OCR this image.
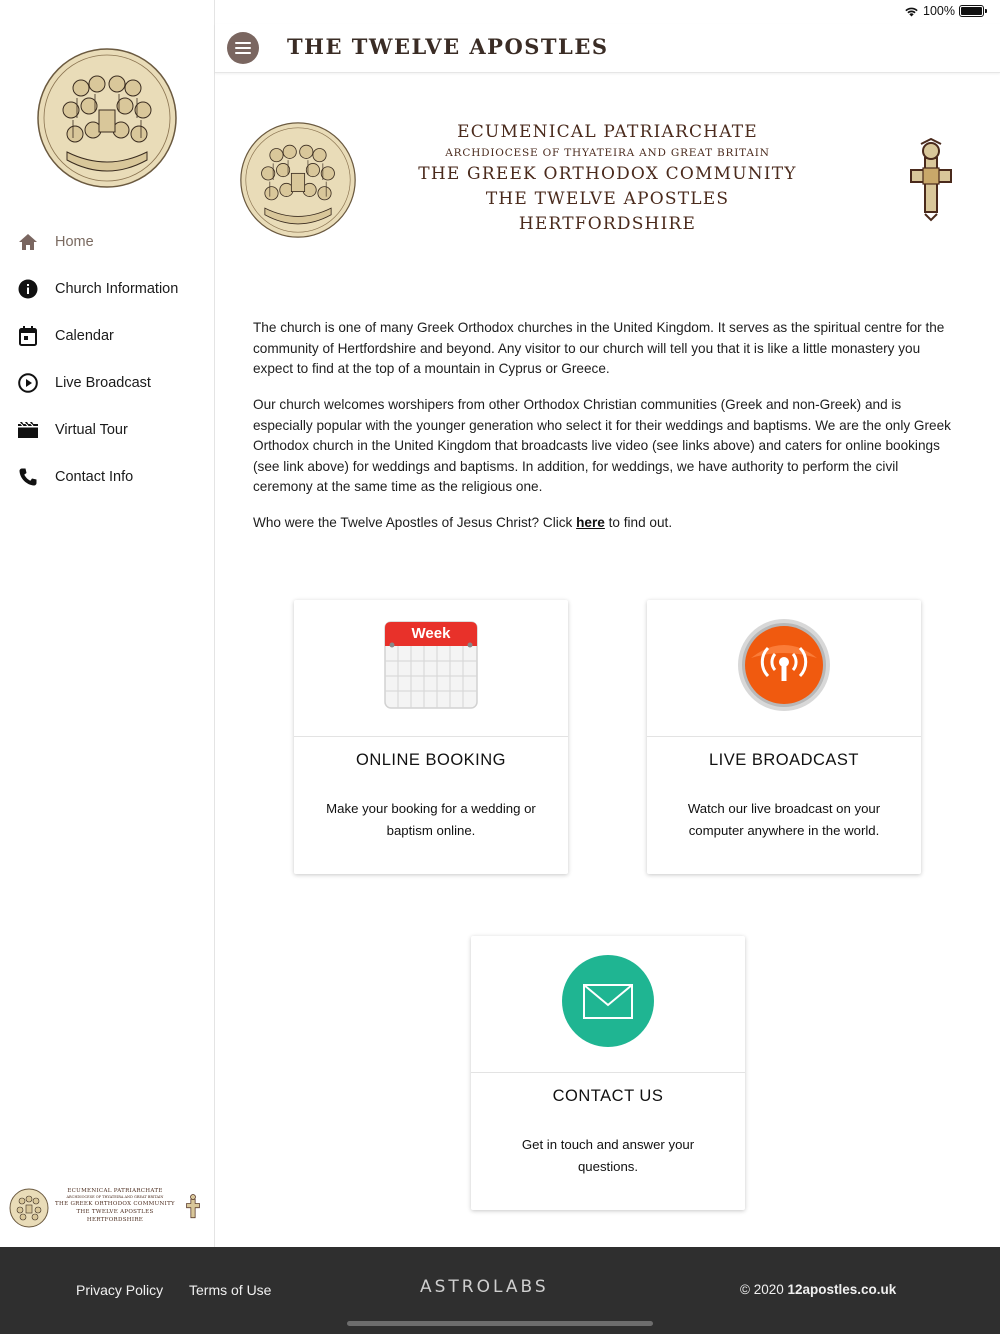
100%
Home
Church Information
Calendar
Live Broadcast
Virtual Tour
Contact Info
ECUMENICAL PATRIARCHATE
ARCHDIOCESE OF THYATEIRA AND GREAT BRITAIN
THE GREEK ORTHODOX COMMUNITY
THE TWELVE APOSTLES
HERTFORDSHIRE
THE TWELVE APOSTLES
ECUMENICAL PATRIARCHATE
ARCHDIOCESE OF THYATEIRA AND GREAT BRITAIN
THE GREEK ORTHODOX COMMUNITY
THE TWELVE APOSTLES
HERTFORDSHIRE

The church is one of many Greek Orthodox churches in the United Kingdom. It serves as the spiritual centre for the community of Hertfordshire and beyond. Any visitor to our church will tell you that it is like a little monastery you expect to find at the top of a mountain in Cyprus or Greece.

Our church welcomes worshipers from other Orthodox Christian communities (Greek and non-Greek) and is especially popular with the younger generation who select it for their weddings and baptisms. We are the only Greek Orthodox church in the United Kingdom that broadcasts live video (see links above) and caters for online bookings (see link above) for weddings and baptisms. In addition, for weddings, we have authority to perform the civil ceremony at the same time as the religious one.

Who were the Twelve Apostles of Jesus Christ? Click here to find out.

Week
ONLINE BOOKING
Make your booking for a wedding or baptism online.
LIVE BROADCAST
Watch our live broadcast on your computer anywhere in the world.
CONTACT US
Get in touch and answer your questions.
Privacy Policy Terms of Use	ASTROLABS	© 2020 12apostles.co.uk
